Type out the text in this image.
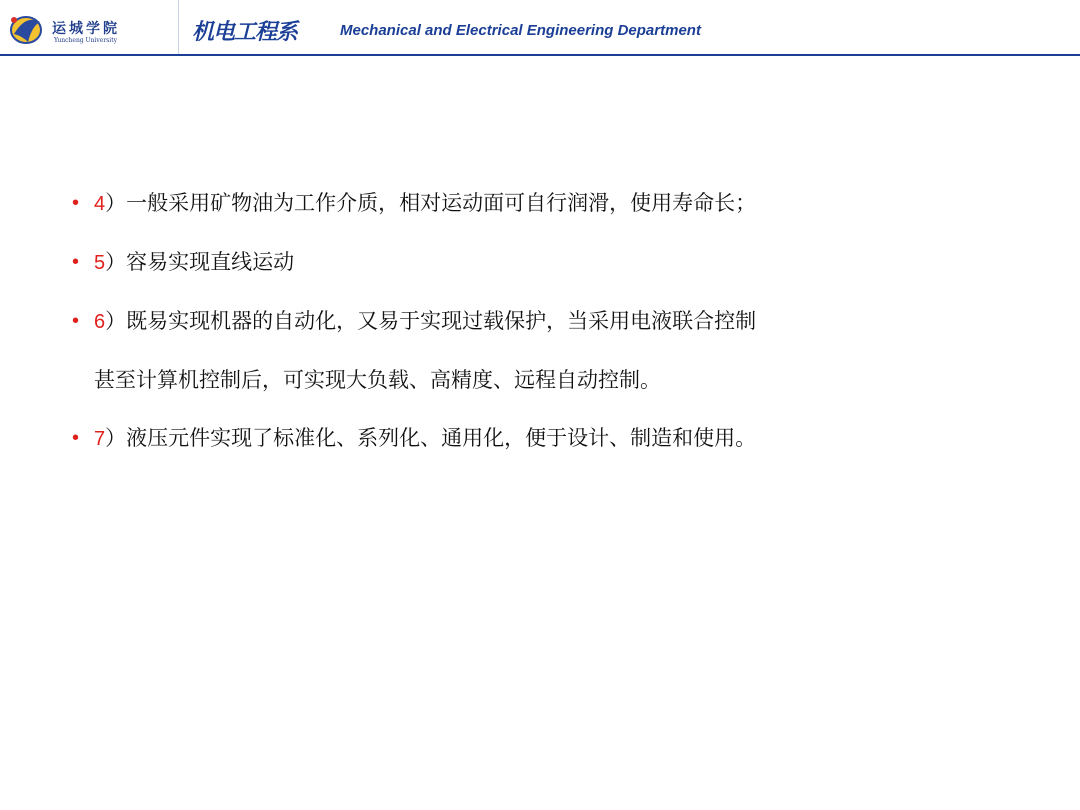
运城学院
Yuncheng University	机电工程系	Mechanical and Electrical Engineering Department
• 4）一般采用矿物油为工作介质，相对运动面可自行润滑，使用寿命长；
• 5）容易实现直线运动
• 6）既易实现机器的自动化，又易于实现过载保护，当采用电液联合控制
甚至计算机控制后，可实现大负载、高精度、远程自动控制。
• 7）液压元件实现了标准化、系列化、通用化，便于设计、制造和使用。
